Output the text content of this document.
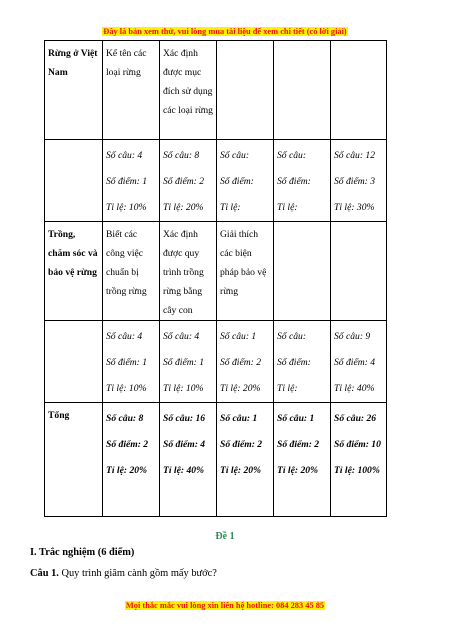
Đây là bản xem thử, vui lòng mua tài liệu để xem chi tiết (có lời giải)
Rừng ở Việt Nam	Kể tên các loại rừng	Xác định được mục đích sử dụng các loại rừng			

	Số câu: 4
Số điểm: 1
Tỉ lệ: 10%	Số câu: 8
Số điểm: 2
Tỉ lệ: 20%	Số câu:
Số điểm:
Tỉ lệ:	Số câu:
Số điểm:
Tỉ lệ:	Số câu: 12
Số điểm: 3
Tỉ lệ: 30%

Trồng, chăm sóc và bảo vệ rừng	Biết các công việc chuẩn bị trồng rừng	Xác định được quy trình trồng rừng bằng cây con	Giải thích các biện pháp bảo vệ rừng		

	Số câu: 4
Số điểm: 1
Tỉ lệ: 10%	Số câu: 4
Số điểm: 1
Tỉ lệ: 10%	Số câu: 1
Số điểm: 2
Tỉ lệ: 20%	Số câu:
Số điểm:
Tỉ lệ:	Số câu: 9
Số điểm: 4
Tỉ lệ: 40%

Tổng	Số câu: 8
Số điểm: 2
Tỉ lệ: 20%	Số câu: 16
Số điểm: 4
Tỉ lệ: 40%	Số câu: 1
Số điểm: 2
Tỉ lệ: 20%	Số câu: 1
Số điểm: 2
Tỉ lệ: 20%	Số câu: 26
Số điểm: 10
Tỉ lệ: 100%
Đề 1
I. Trắc nghiệm (6 điểm)
Câu 1. Quy trình giâm cành gồm mấy bước?
Mọi thắc mắc vui lòng xin liên hệ hotline: 084 283 45 85
